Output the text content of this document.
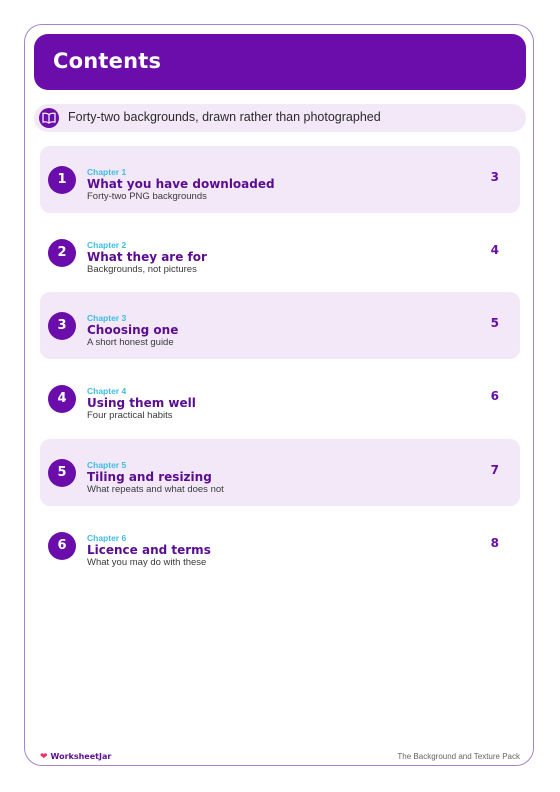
Contents
Forty-two backgrounds, drawn rather than photographed
1	Chapter 1
What you have downloaded
Forty-two PNG backgrounds
3
2	Chapter 2
What they are for
Backgrounds, not pictures
4
3	Chapter 3
Choosing one
A short honest guide
5
4	Chapter 4
Using them well
Four practical habits
6
5	Chapter 5
Tiling and resizing
What repeats and what does not
7
6	Chapter 6
Licence and terms
What you may do with these
8
❤ WorksheetJar	The Background and Texture Pack
